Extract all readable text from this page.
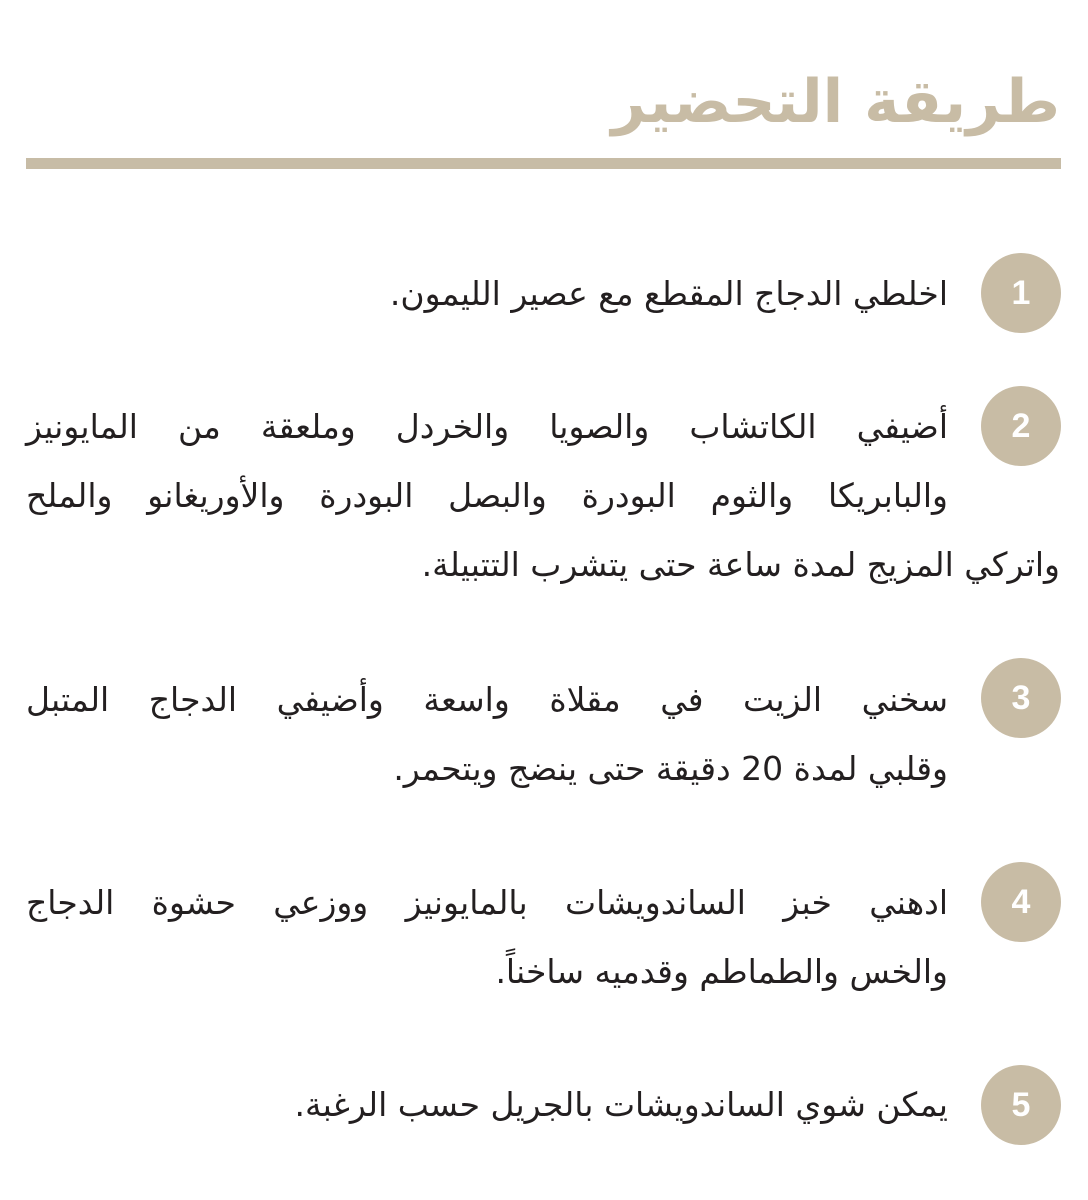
طريقة التحضير
1
اخلطي الدجاج المقطع مع عصير الليمون.
2
أضيفي الكاتشاب والصويا والخردل وملعقة من المايونيز
والبابريكا والثوم البودرة والبصل البودرة والأوريغانو والملح
واتركي المزيج لمدة ساعة حتى يتشرب التتبيلة.
3
سخني الزيت في مقلاة واسعة وأضيفي الدجاج المتبل
وقلبي لمدة 20 دقيقة حتى ينضج ويتحمر.
4
ادهني خبز الساندويشات بالمايونيز ووزعي حشوة الدجاج
والخس والطماطم وقدميه ساخناً.
5
يمكن شوي الساندويشات بالجريل حسب الرغبة.
